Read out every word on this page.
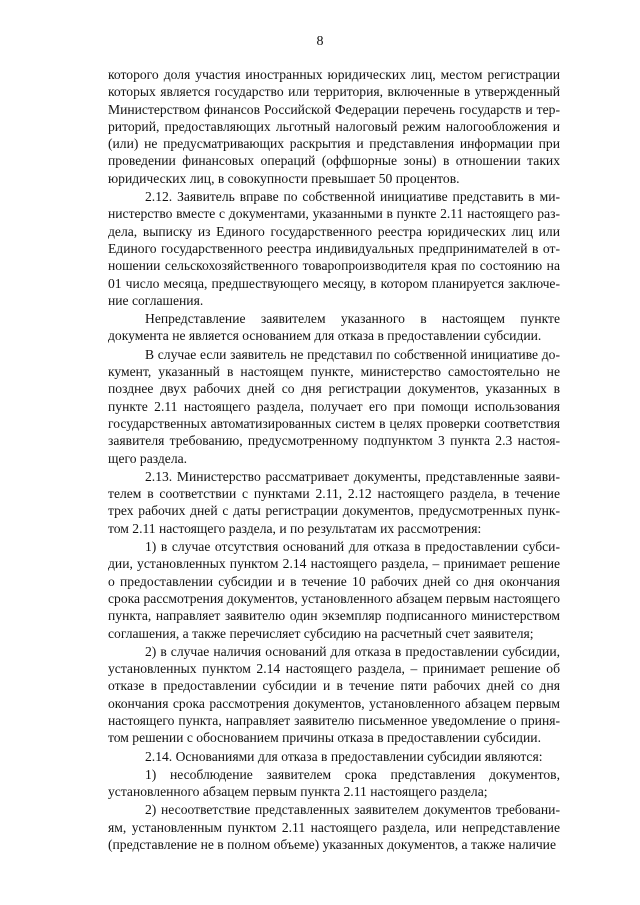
8

которого доля участия иностранных юридических лиц, местом регистрации которых является государство или территория, включенные в утвержденный Министерством финансов Российской Федерации перечень государств и территорий, предоставляющих льготный налоговый режим налогообложения и (или) не предусматривающих раскрытия и представления информации при проведении финансовых операций (оффшорные зоны) в отношении таких юридических лиц, в совокупности превышает 50 процентов.

2.12. Заявитель вправе по собственной инициативе представить в министерство вместе с документами, указанными в пункте 2.11 настоящего раздела, выписку из Единого государственного реестра юридических лиц или Единого государственного реестра индивидуальных предпринимателей в отношении сельскохозяйственного товаропроизводителя края по состоянию на 01 число месяца, предшествующего месяцу, в котором планируется заключение соглашения.

Непредставление заявителем указанного в настоящем пункте документа не является основанием для отказа в предоставлении субсидии.

В случае если заявитель не представил по собственной инициативе документ, указанный в настоящем пункте, министерство самостоятельно не позднее двух рабочих дней со дня регистрации документов, указанных в пункте 2.11 настоящего раздела, получает его при помощи использования государственных автоматизированных систем в целях проверки соответствия заявителя требованию, предусмотренному подпунктом 3 пункта 2.3 настоящего раздела.

2.13. Министерство рассматривает документы, представленные заявителем в соответствии с пунктами 2.11, 2.12 настоящего раздела, в течение трех рабочих дней с даты регистрации документов, предусмотренных пунктом 2.11 настоящего раздела, и по результатам их рассмотрения:

1) в случае отсутствия оснований для отказа в предоставлении субсидии, установленных пунктом 2.14 настоящего раздела, – принимает решение о предоставлении субсидии и в течение 10 рабочих дней со дня окончания срока рассмотрения документов, установленного абзацем первым настоящего пункта, направляет заявителю один экземпляр подписанного министерством соглашения, а также перечисляет субсидию на расчетный счет заявителя;

2) в случае наличия оснований для отказа в предоставлении субсидии, установленных пунктом 2.14 настоящего раздела, – принимает решение об отказе в предоставлении субсидии и в течение пяти рабочих дней со дня окончания срока рассмотрения документов, установленного абзацем первым настоящего пункта, направляет заявителю письменное уведомление о принятом решении с обоснованием причины отказа в предоставлении субсидии.

2.14. Основаниями для отказа в предоставлении субсидии являются:

1) несоблюдение заявителем срока представления документов, установленного абзацем первым пункта 2.11 настоящего раздела;

2) несоответствие представленных заявителем документов требованиям, установленным пунктом 2.11 настоящего раздела, или непредставление (представление не в полном объеме) указанных документов, а также наличие
